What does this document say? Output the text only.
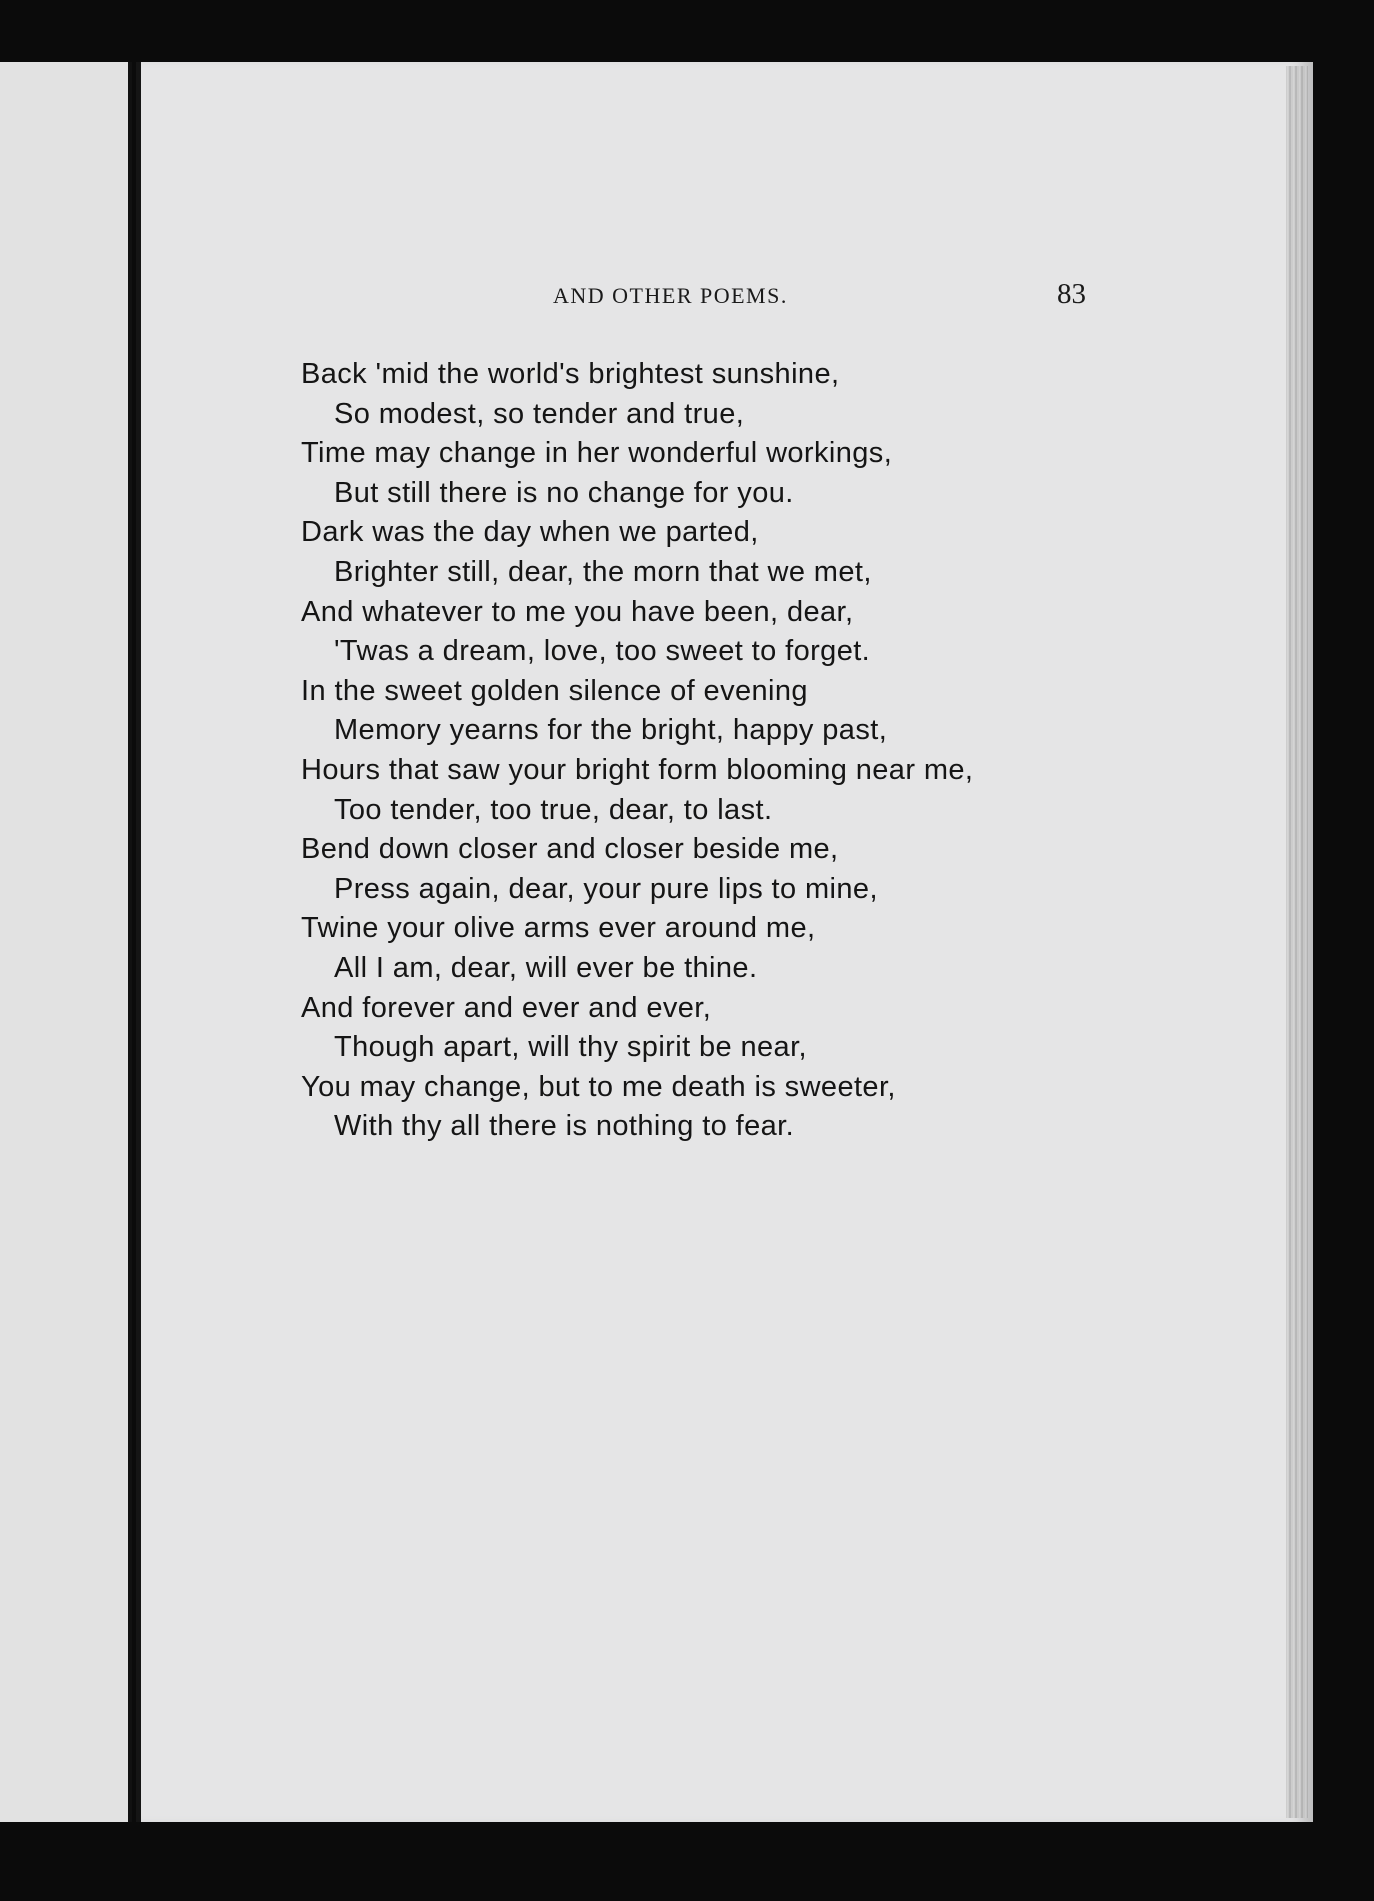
AND OTHER POEMS.	83
Back 'mid the world's brightest sunshine,
So modest, so tender and true,
Time may change in her wonderful workings,
But still there is no change for you.
Dark was the day when we parted,
Brighter still, dear, the morn that we met,
And whatever to me you have been, dear,
'Twas a dream, love, too sweet to forget.
In the sweet golden silence of evening
Memory yearns for the bright, happy past,
Hours that saw your bright form blooming near me,
Too tender, too true, dear, to last.
Bend down closer and closer beside me,
Press again, dear, your pure lips to mine,
Twine your olive arms ever around me,
All I am, dear, will ever be thine.
And forever and ever and ever,
Though apart, will thy spirit be near,
You may change, but to me death is sweeter,
With thy all there is nothing to fear.
